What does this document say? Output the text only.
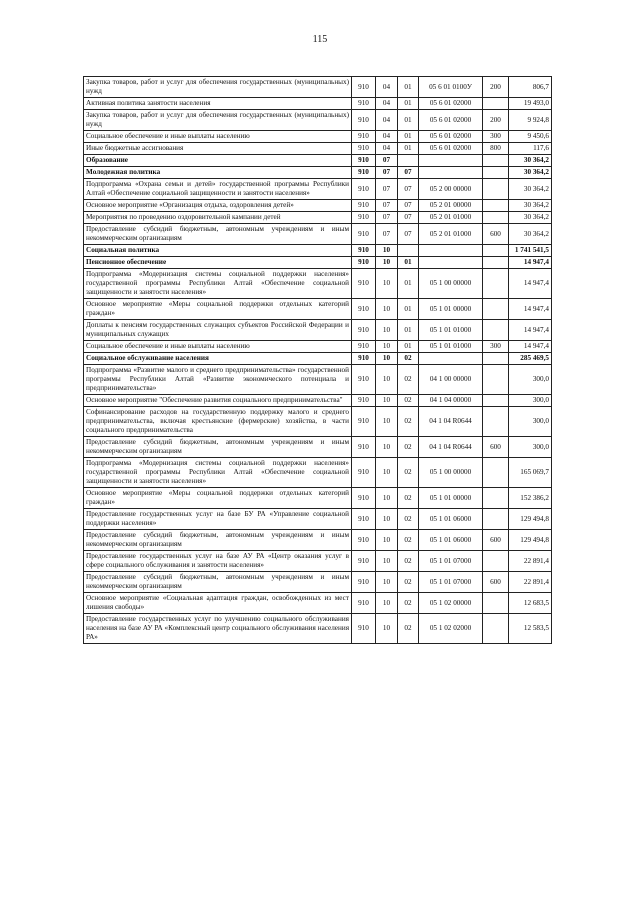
115
Закупка товаров, работ и услуг для обеспечения государственных (муниципальных) нужд	910	04	01	05 6 01 0100У	200	806,7
Активная политика занятости населения	910	04	01	05 6 01 02000		19 493,0
Закупка товаров, работ и услуг для обеспечения государственных (муниципальных) нужд	910	04	01	05 6 01 02000	200	9 924,8
Социальное обеспечение и иные выплаты населению	910	04	01	05 6 01 02000	300	9 450,6
Иные бюджетные ассигнования	910	04	01	05 6 01 02000	800	117,6
Образование	910	07				30 364,2
Молодежная политика	910	07	07			30 364,2
Подпрограмма «Охрана семьи и детей» государственной программы Республики Алтай «Обеспечение социальной защищенности и занятости населения»	910	07	07	05 2 00 00000		30 364,2
Основное мероприятие «Организация отдыха, оздоровления детей»	910	07	07	05 2 01 00000		30 364,2
Мероприятия по проведению оздоровительной кампании детей	910	07	07	05 2 01 01000		30 364,2
Предоставление субсидий бюджетным, автономным учреждениям и иным некоммерческим организациям	910	07	07	05 2 01 01000	600	30 364,2
Социальная политика	910	10				1 741 541,5
Пенсионное обеспечение	910	10	01			14 947,4
Подпрограмма «Модернизация системы социальной поддержки населения» государственной программы Республики Алтай «Обеспечение социальной защищенности и занятости населения»	910	10	01	05 1 00 00000		14 947,4
Основное мероприятие «Меры социальной поддержки отдельных категорий граждан»	910	10	01	05 1 01 00000		14 947,4
Доплаты к пенсиям государственных служащих субъектов Российской Федерации и муниципальных служащих	910	10	01	05 1 01 01000		14 947,4
Социальное обеспечение и иные выплаты населению	910	10	01	05 1 01 01000	300	14 947,4
Социальное обслуживание населения	910	10	02			285 469,5
Подпрограмма «Развитие малого и среднего предпринимательства» государственной программы Республики Алтай «Развитие экономического потенциала и предпринимательства»	910	10	02	04 1 00 00000		300,0
Основное мероприятие "Обеспечение развития социального предпринимательства"	910	10	02	04 1 04 00000		300,0
Софинансирование расходов на государственную поддержку малого и среднего предпринимательства, включая крестьянские (фермерские) хозяйства, в части социального предпринимательства	910	10	02	04 1 04 R0644		300,0
Предоставление субсидий бюджетным, автономным учреждениям и иным некоммерческим организациям	910	10	02	04 1 04 R0644	600	300,0
Подпрограмма «Модернизация системы социальной поддержки населения» государственной программы Республики Алтай «Обеспечение социальной защищенности и занятости населения»	910	10	02	05 1 00 00000		165 069,7
Основное мероприятие «Меры социальной поддержки отдельных категорий граждан»	910	10	02	05 1 01 00000		152 386,2
Предоставление государственных услуг на базе БУ РА «Управление социальной поддержки населения»	910	10	02	05 1 01 06000		129 494,8
Предоставление субсидий бюджетным, автономным учреждениям и иным некоммерческим организациям	910	10	02	05 1 01 06000	600	129 494,8
Предоставление государственных услуг на базе АУ РА «Центр оказания услуг в сфере социального обслуживания и занятости населения»	910	10	02	05 1 01 07000		22 891,4
Предоставление субсидий бюджетным, автономным учреждениям и иным некоммерческим организациям	910	10	02	05 1 01 07000	600	22 891,4
Основное мероприятие «Социальная адаптация граждан, освобожденных из мест лишения свободы»	910	10	02	05 1 02 00000		12 683,5
Предоставление государственных услуг по улучшению социального обслуживания населения на базе АУ РА «Комплексный центр социального обслуживания населения РА»	910	10	02	05 1 02 02000		12 583,5
